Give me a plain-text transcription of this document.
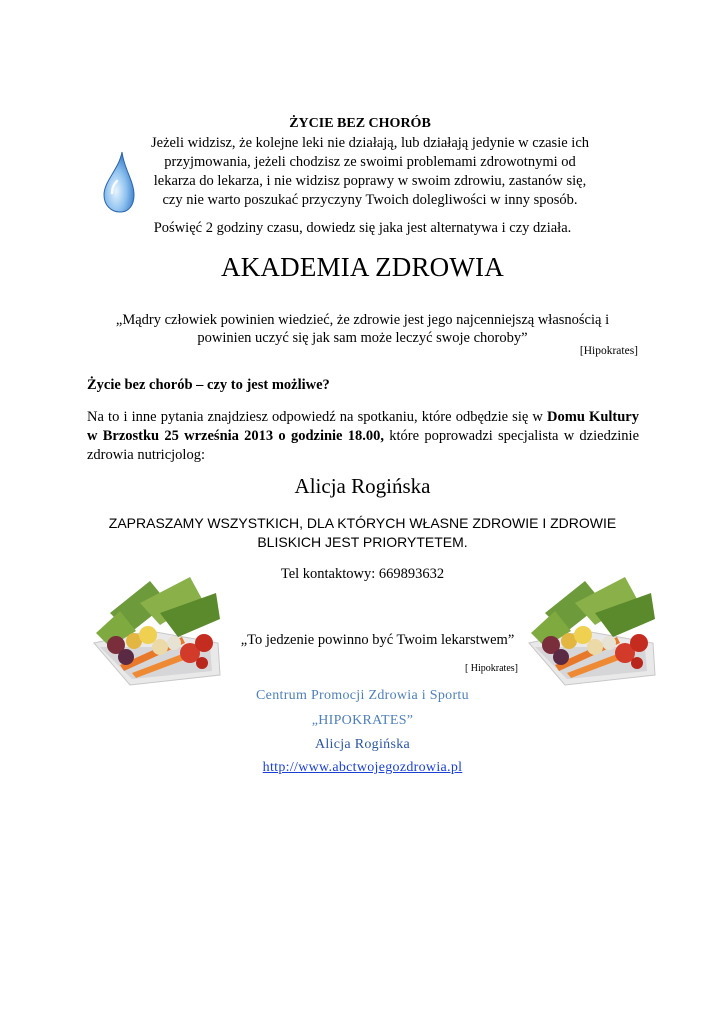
ŻYCIE BEZ CHORÓB
Jeżeli widzisz, że kolejne leki nie działają, lub działają jedynie w czasie ich przyjmowania, jeżeli chodzisz ze swoimi problemami zdrowotnymi od lekarza do lekarza, i nie widzisz poprawy w swoim zdrowiu, zastanów się, czy nie warto poszukać przyczyny Twoich dolegliwości w inny sposób.
Poświęć 2 godziny czasu, dowiedz się jaka jest alternatywa i czy działa.
AKADEMIA ZDROWIA
„Mądry człowiek powinien wiedzieć, że zdrowie jest jego najcenniejszą własnością i powinien uczyć się jak sam może leczyć swoje choroby”
[Hipokrates]
Życie bez chorób – czy to jest możliwe?
Na to i inne pytania znajdziesz odpowiedź na spotkaniu, które odbędzie się w Domu Kultury w Brzostku 25 września 2013 o godzinie 18.00, które poprowadzi specjalista w dziedzinie zdrowia nutricjolog:
Alicja Rogińska
ZAPRASZAMY WSZYSTKICH, DLA KTÓRYCH WŁASNE ZDROWIE I ZDROWIE BLISKICH JEST PRIORYTETEM.
Tel kontaktowy: 669893632
„To jedzenie powinno być Twoim lekarstwem”
[ Hipokrates]
Centrum Promocji Zdrowia i Sportu
„HIPOKRATES”
Alicja Rogińska
http://www.abctwojegozdrowia.pl
